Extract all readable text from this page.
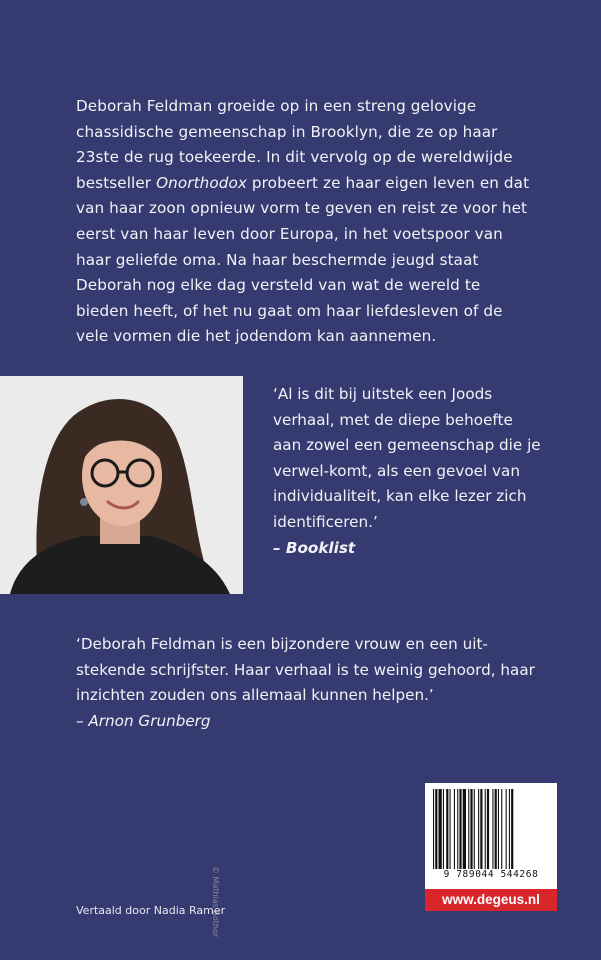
Deborah Feldman groeide op in een streng gelovige chassidische gemeenschap in Brooklyn, die ze op haar 23ste de rug toekeerde. In dit vervolg op de wereldwijde bestseller Onorthodox probeert ze haar eigen leven en dat van haar zoon opnieuw vorm te geven en reist ze voor het eerst van haar leven door Europa, in het voetspoor van haar geliefde oma. Na haar beschermde jeugd staat Deborah nog elke dag versteld van wat de wereld te bieden heeft, of het nu gaat om haar liefdesleven of de vele vormen die het jodendom kan aannemen.

© Mathias Bothor

‘Al is dit bij uitstek een Joods verhaal, met de diepe behoefte aan zowel een gemeenschap die je verwel-komt, als een gevoel van individualiteit, kan elke lezer zich identificeren.’
– Booklist

‘Deborah Feldman is een bijzondere vrouw en een uit-stekende schrijfster. Haar verhaal is te weinig gehoord, haar inzichten zouden ons allemaal kunnen helpen.’
– Arnon Grunberg

Vertaald door Nadia Ramer
9 789044 544268
www.degeus.nl
